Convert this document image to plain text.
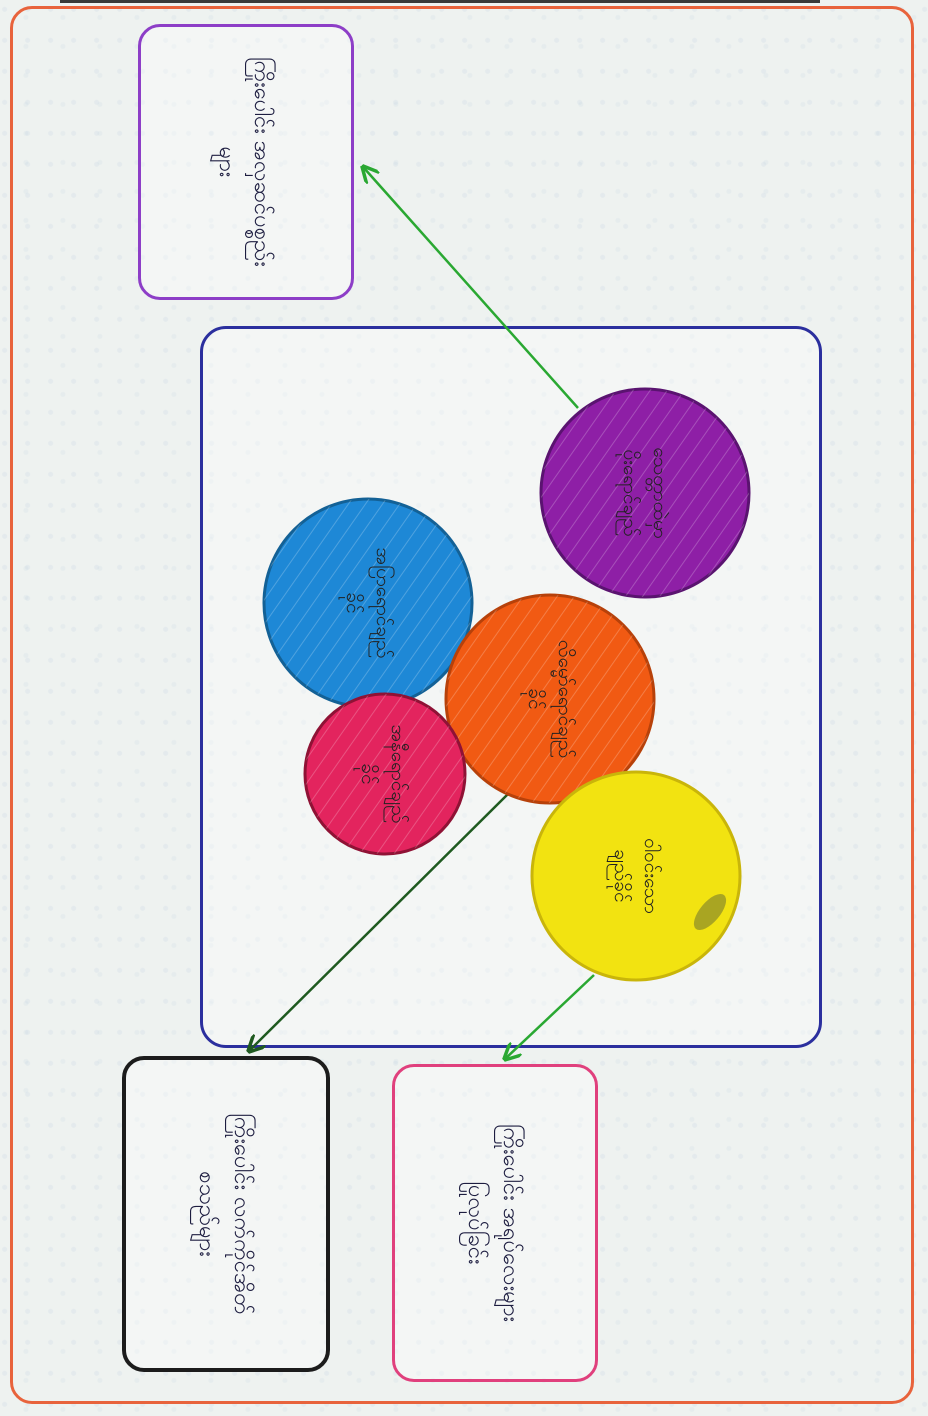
သေတ္တာထဲမှာ
ပိုးရောင်ချည်
အပြာရောင်ချည်
ခိုင်
လိမ္မော်ရောင်ချည်
ခိုင်
အနီရောင်ချည်
ခိုင်
ဝါဝင်းသော
ချည်ခိုင်
ကြိုးပေါင်း အလှဆင်ပစ္စည်း
များ
ကြိုးပေါင်း လက်ကိုင်အိတ်
စသည်များ	ကြိုးပေါင်း အရုပ်လေးများ
ပြုလုပ်ခြင်း
